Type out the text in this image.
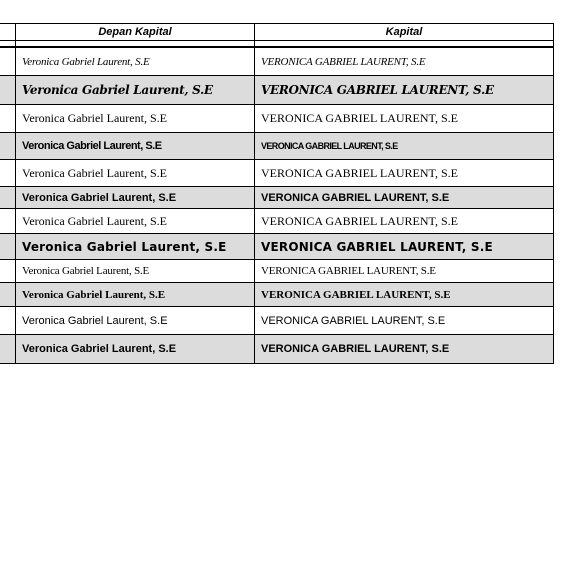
	Depan Kapital	Kapital

	Veronica Gabriel Laurent, S.E	VERONICA GABRIEL LAURENT, S.E
	Veronica Gabriel Laurent, S.E	VERONICA GABRIEL LAURENT, S.E
	Veronica Gabriel Laurent, S.E	VERONICA GABRIEL LAURENT, S.E
	Veronica Gabriel Laurent, S.E	VERONICA GABRIEL LAURENT, S.E
	Veronica Gabriel Laurent, S.E	VERONICA GABRIEL LAURENT, S.E
	Veronica Gabriel Laurent, S.E	VERONICA GABRIEL LAURENT, S.E
	Veronica Gabriel Laurent, S.E	VERONICA GABRIEL LAURENT, S.E
	Veronica Gabriel Laurent, S.E	VERONICA GABRIEL LAURENT, S.E
	Veronica Gabriel Laurent, S.E	VERONICA GABRIEL LAURENT, S.E
	Veronica Gabriel Laurent, S.E	VERONICA GABRIEL LAURENT, S.E
	Veronica Gabriel Laurent, S.E	VERONICA GABRIEL LAURENT, S.E
	Veronica Gabriel Laurent, S.E	VERONICA GABRIEL LAURENT, S.E
